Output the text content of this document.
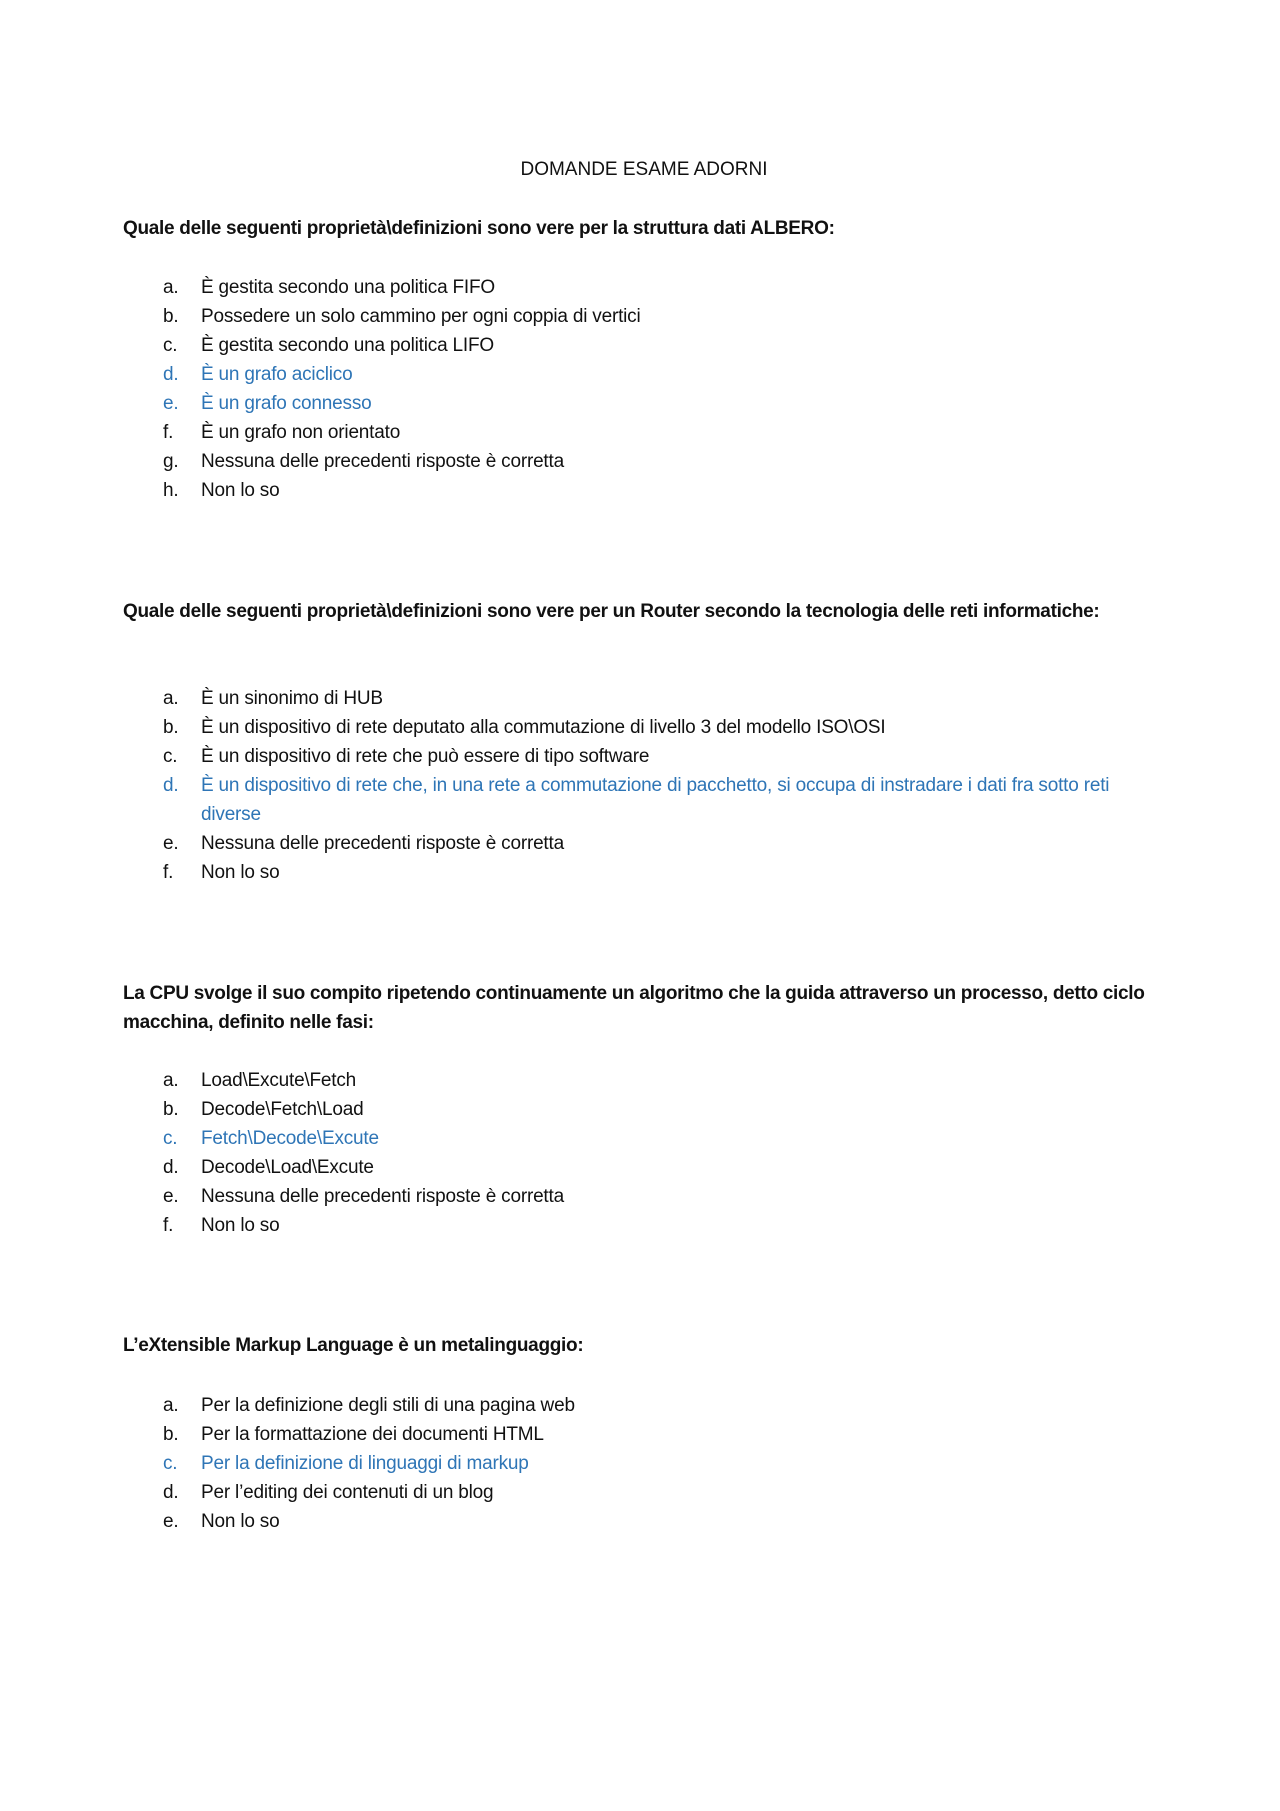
DOMANDE ESAME ADORNI
Quale delle seguenti proprietà\definizioni sono vere per la struttura dati ALBERO:
a. È gestita secondo una politica FIFO
b. Possedere un solo cammino per ogni coppia di vertici
c. È gestita secondo una politica LIFO
d. È un grafo aciclico
e. È un grafo connesso
f. È un grafo non orientato
g. Nessuna delle precedenti risposte è corretta
h. Non lo so
Quale delle seguenti proprietà\definizioni sono vere per un Router secondo la tecnologia delle reti informatiche:
a. È un sinonimo di HUB
b. È un dispositivo di rete deputato alla commutazione di livello 3 del modello ISO\OSI
c. È un dispositivo di rete che può essere di tipo software
d. È un dispositivo di rete che, in una rete a commutazione di pacchetto, si occupa di instradare i dati fra sotto reti diverse
e. Nessuna delle precedenti risposte è corretta
f. Non lo so
La CPU svolge il suo compito ripetendo continuamente un algoritmo che la guida attraverso un processo, detto ciclo macchina, definito nelle fasi:
a. Load\Excute\Fetch
b. Decode\Fetch\Load
c. Fetch\Decode\Excute
d. Decode\Load\Excute
e. Nessuna delle precedenti risposte è corretta
f. Non lo so
L’eXtensible Markup Language è un metalinguaggio:
a. Per la definizione degli stili di una pagina web
b. Per la formattazione dei documenti HTML
c. Per la definizione di linguaggi di markup
d. Per l’editing dei contenuti di un blog
e. Non lo so
